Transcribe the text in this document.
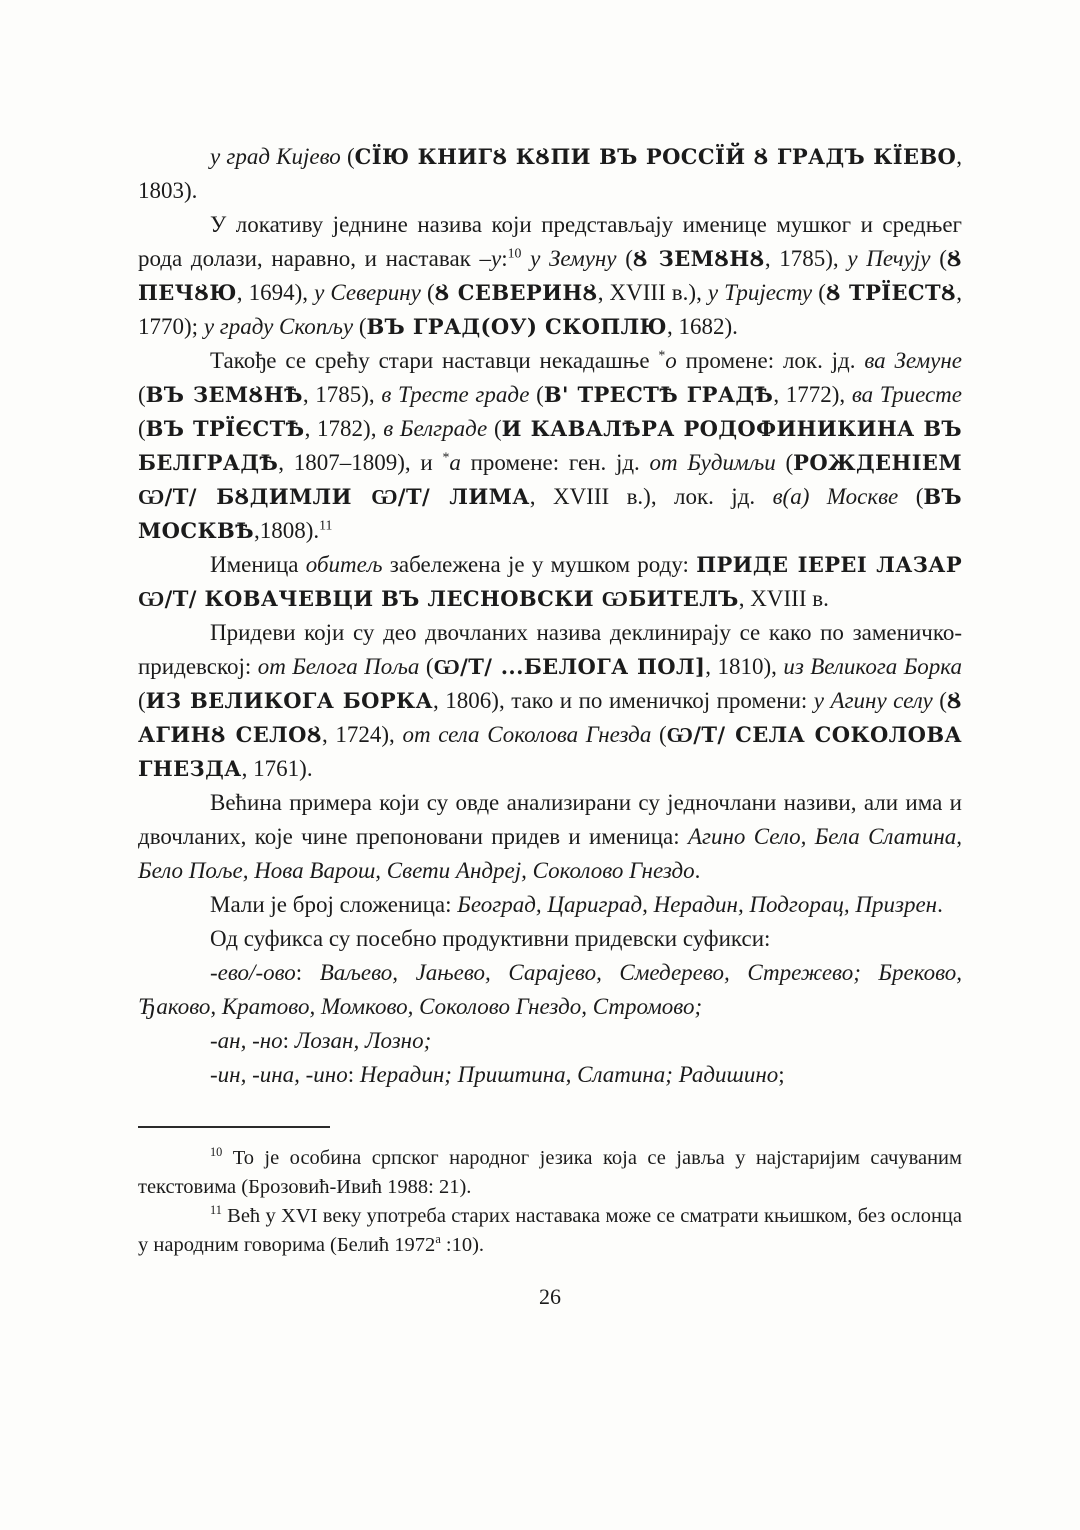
у град Кијево (СЇЮ КНИГȢ КȢПИ ВЪ РОССЇЙ Ȣ ГРАДЪ КЇЕВО, 1803).

У локативу једнине назива који представљају именице мушког и средњег рода долази, наравно, и наставак –у:$^{10}$ у Земуну (Ȣ ЗЕМȢНȢ, 1785), у Печују (Ȣ ПЕЧȢЮ, 1694), у Северину (Ȣ СЕВЕРИНȢ, XVIII в.), у Тријесту (Ȣ ТРЇЕСТȢ, 1770); у граду Скопљу (ВЪ ГРАД(ОУ) СКОПЛЮ, 1682).

Такође се срећу стари наставци некадашње *о промене: лок. јд. ва Земуне (ВЪ ЗЕМȢНѢ, 1785), в Тресте граде (В' ТРЕСТѢ ГРАДѢ, 1772), ва Триесте (ВЪ ТРЇЄСТѢ, 1782), в Белграде (И КАВАЛѢРА РОДОФИНИКИНА ВЪ БЕЛГРАДѢ, 1807–1809), и *а промене: ген. јд. от Будимљи (РОЖДЕНІЕМ Ѡ/Т/ БȢДИМЛИ Ѡ/Т/ ЛИМА, XVIII в.), лок. јд. в(а) Москве (ВЪ МОСКВѢ,1808).$^{11}$

Именица обитељ забележена је у мушком роду: ПРИДЕ ІЕРЕІ ЛАЗАР Ѡ/Т/ КОВАЧЕВЦИ ВЪ ЛЕСНОВСКИ ѠБИТЕЛЪ, XVIII в.

Придеви који су део двочланих назива деклинирају се како по заменичко-придевској: от Белога Поља (Ѡ/Т/ ...БЕЛОГА ПОЛ], 1810), из Великога Борка (ИЗ ВЕЛИКОГА БОРКА, 1806), тако и по именичкој промени: у Агину селу (Ȣ АГИНȢ СЕЛОȢ, 1724), от села Соколова Гнезда (Ѡ/Т/ СЕЛА СОКОЛОВА ГНЕЗДА, 1761).

Већина примера који су овде анализирани су једночлани називи, али има и двочланих, које чине препоновани придев и именица: Агино Село, Бела Слатина, Бело Поље, Нова Варош, Свети Андреј, Соколово Гнездо.

Мали је број сложеница: Београд, Цариград, Нерадин, Подгорац, Призрен.

Од суфикса су посебно продуктивни придевски суфикси:

-ево/-ово: Ваљево, Јањево, Сарајево, Смедерево, Стрежево; Бреково, Ђаково, Кратово, Момково, Соколово Гнездо, Стромово;

-ан, -но: Лозан, Лозно;

-ин, -ина, -ино: Нерадин; Приштина, Слатина; Радишино;

$^{10}$ То је особина српског народног језика која се јавља у најстаријим сачуваним текстовима (Брозовић-Ивић 1988: 21).

$^{11}$ Већ у XVI веку употреба старих наставака може се сматрати књишком, без ослонца у народним говорима (Белић $1972^а$ :10).

26
